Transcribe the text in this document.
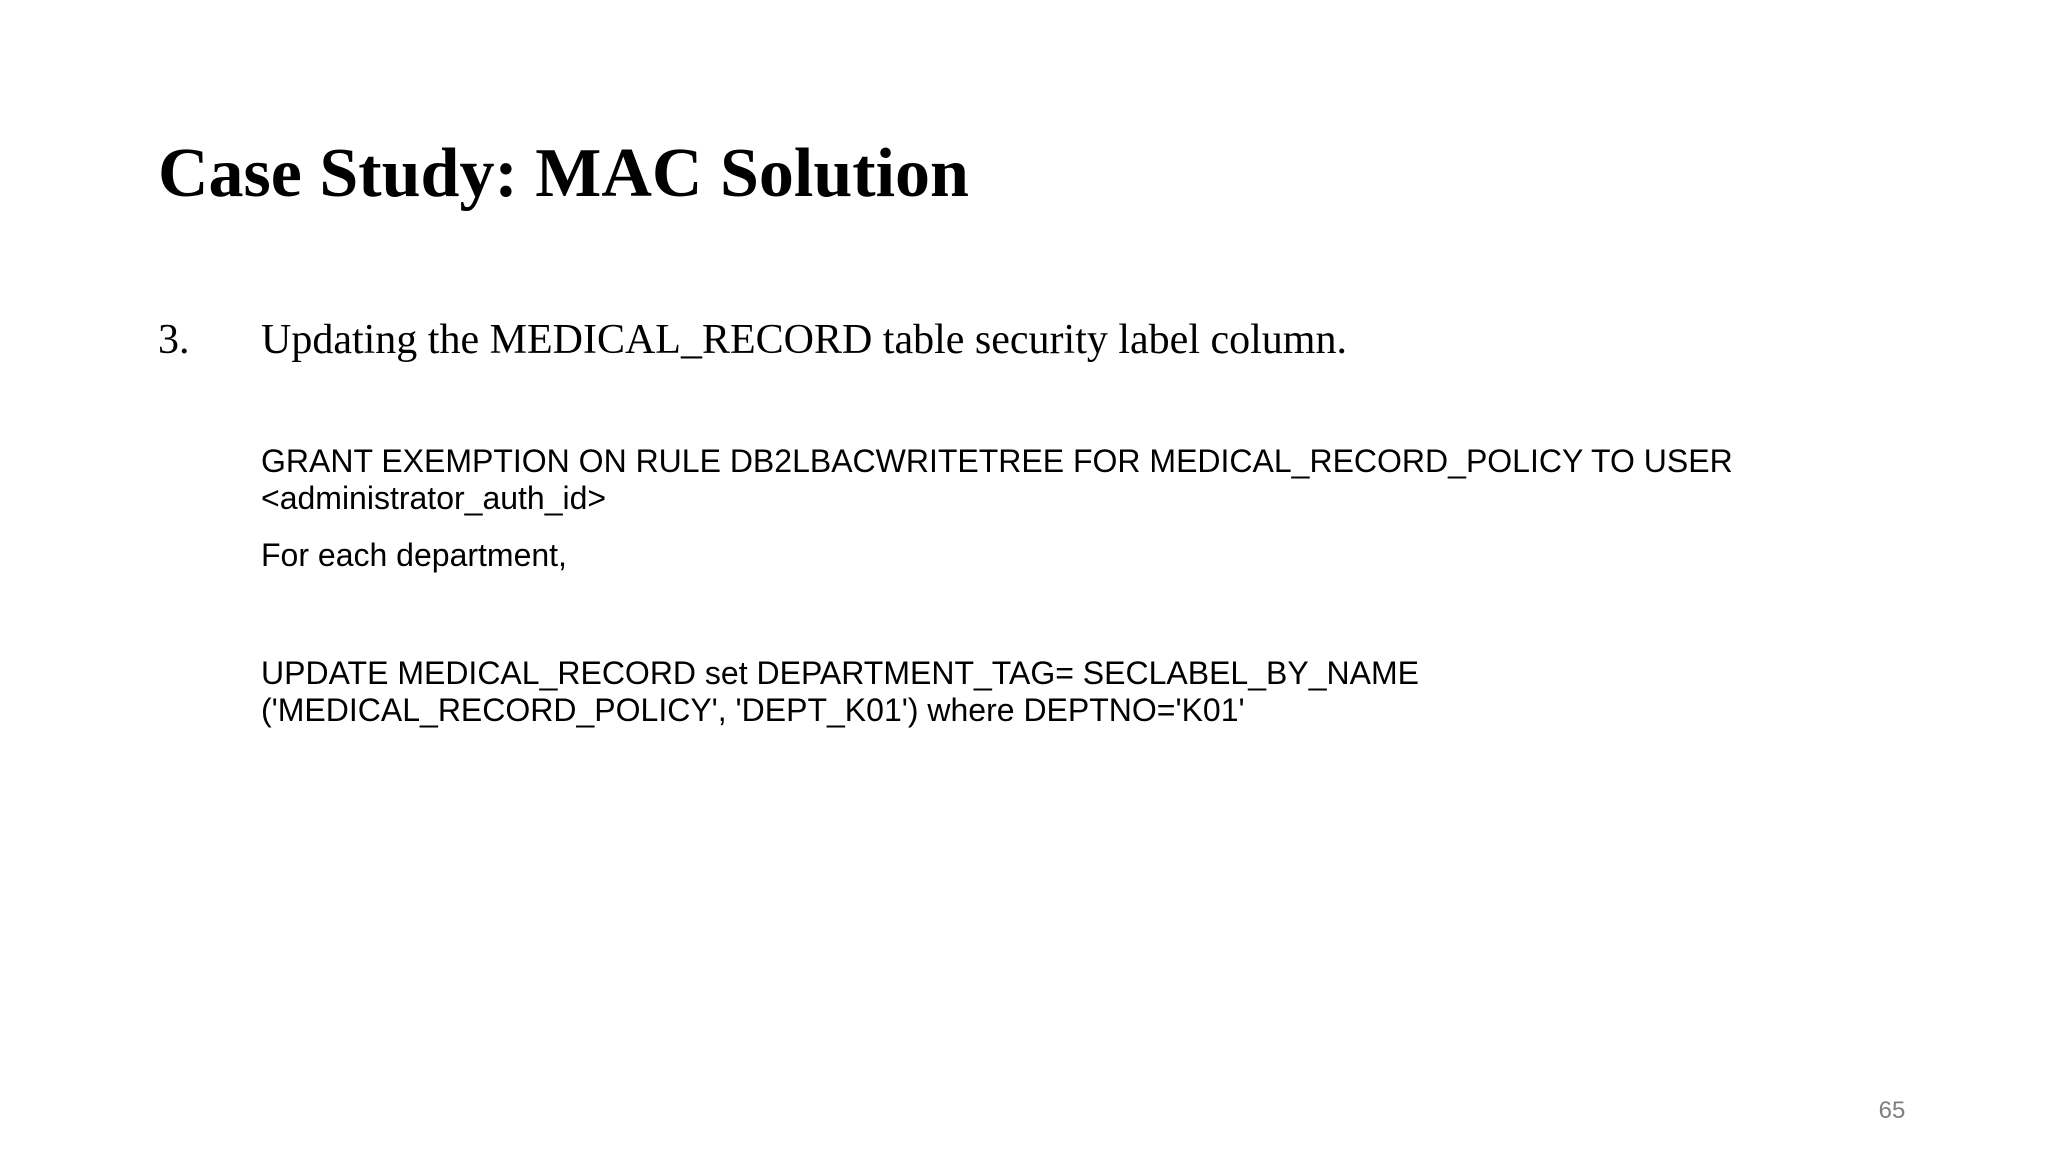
Case Study: MAC Solution
3. Updating the MEDICAL_RECORD table security label column.
GRANT EXEMPTION ON RULE DB2LBACWRITETREE FOR MEDICAL_RECORD_POLICY TO USER
<administrator_auth_id>
For each department,
UPDATE MEDICAL_RECORD set DEPARTMENT_TAG= SECLABEL_BY_NAME
('MEDICAL_RECORD_POLICY', 'DEPT_K01') where DEPTNO='K01'
65
